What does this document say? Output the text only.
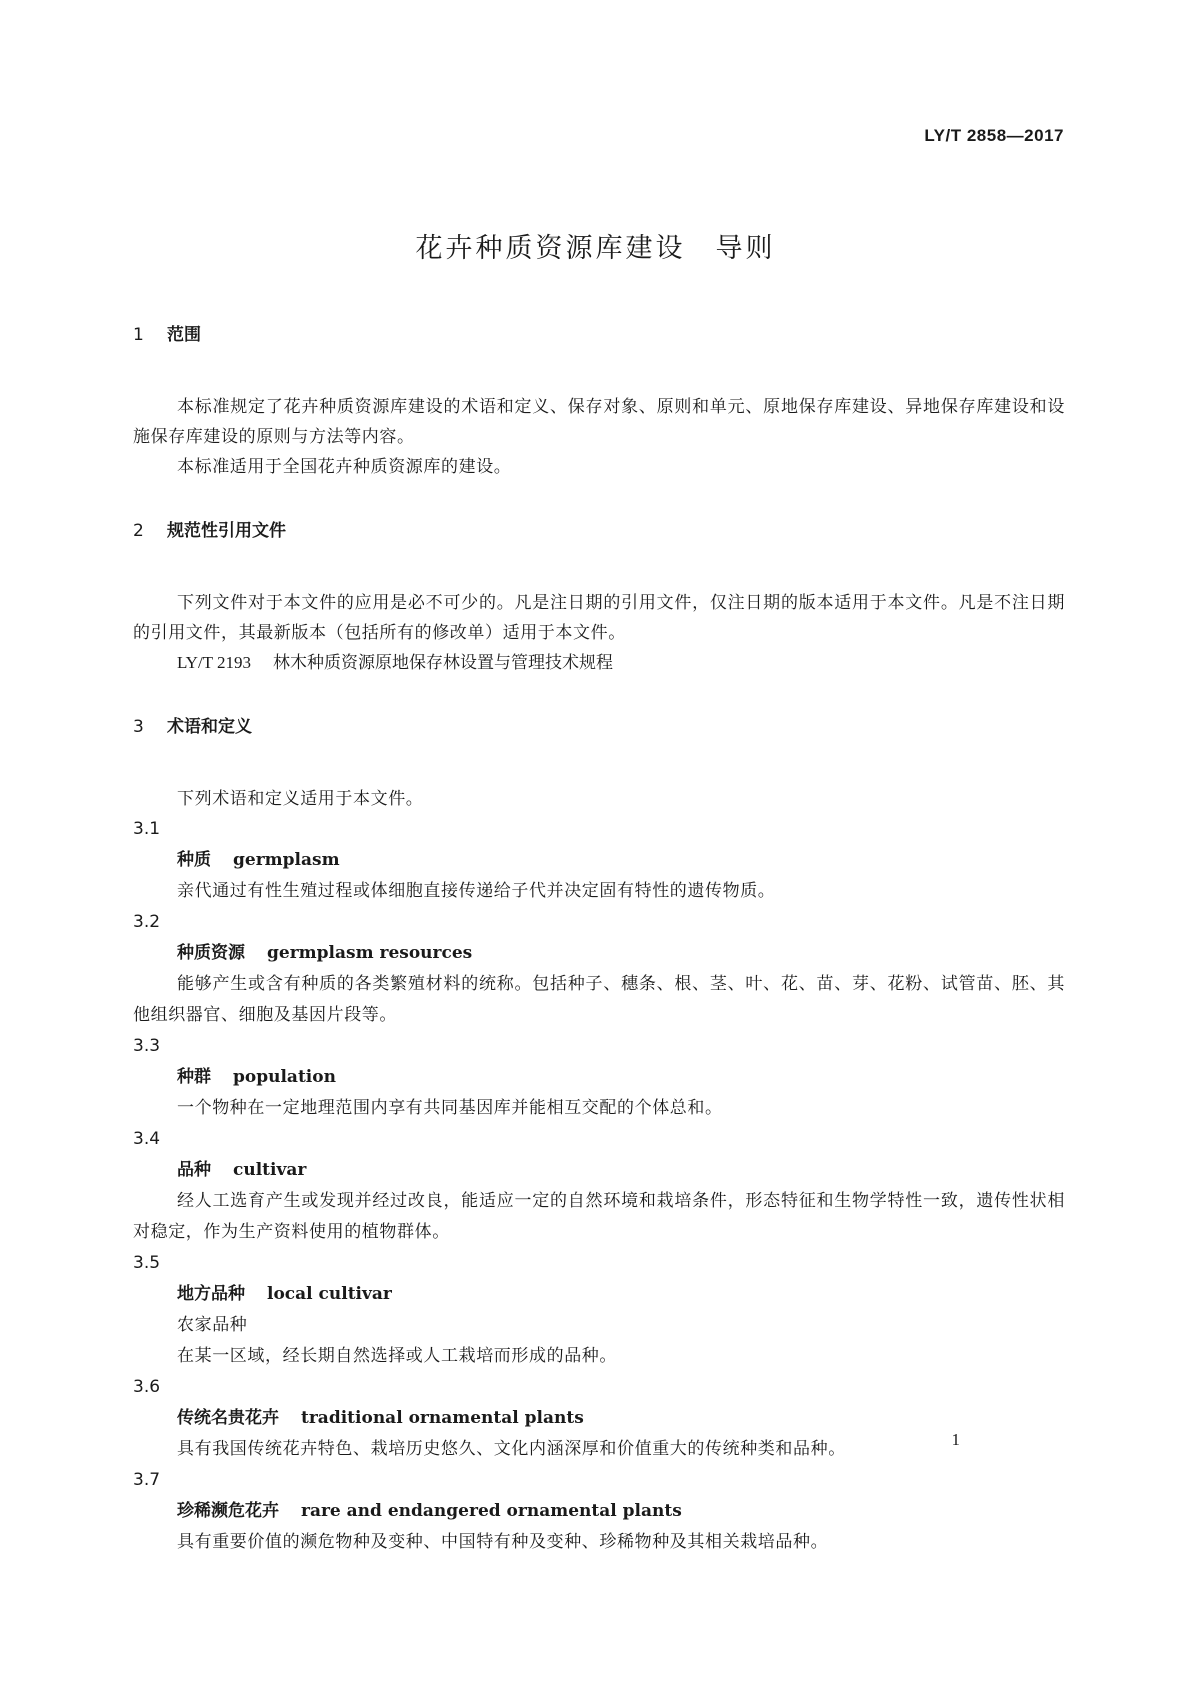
LY/T 2858—2017
花卉种质资源库建设　导则
1 范围

本标准规定了花卉种质资源库建设的术语和定义、保存对象、原则和单元、原地保存库建设、异地保存库建设和设施保存库建设的原则与方法等内容。

本标准适用于全国花卉种质资源库的建设。

2 规范性引用文件

下列文件对于本文件的应用是必不可少的。凡是注日期的引用文件，仅注日期的版本适用于本文件。凡是不注日期的引用文件，其最新版本（包括所有的修改单）适用于本文件。

LY/T 2193 林木种质资源原地保存林设置与管理技术规程
3 术语和定义

下列术语和定义适用于本文件。

3.1
种质 germplasm

亲代通过有性生殖过程或体细胞直接传递给子代并决定固有特性的遗传物质。

3.2
种质资源 germplasm resources

能够产生或含有种质的各类繁殖材料的统称。包括种子、穗条、根、茎、叶、花、苗、芽、花粉、试管苗、胚、其他组织器官、细胞及基因片段等。

3.3
种群 population

一个物种在一定地理范围内享有共同基因库并能相互交配的个体总和。

3.4
品种 cultivar

经人工选育产生或发现并经过改良，能适应一定的自然环境和栽培条件，形态特征和生物学特性一致，遗传性状相对稳定，作为生产资料使用的植物群体。

3.5
地方品种 local cultivar

农家品种

在某一区域，经长期自然选择或人工栽培而形成的品种。

3.6
传统名贵花卉 traditional ornamental plants

具有我国传统花卉特色、栽培历史悠久、文化内涵深厚和价值重大的传统种类和品种。

3.7
珍稀濒危花卉 rare and endangered ornamental plants

具有重要价值的濒危物种及变种、中国特有种及变种、珍稀物种及其相关栽培品种。

1
